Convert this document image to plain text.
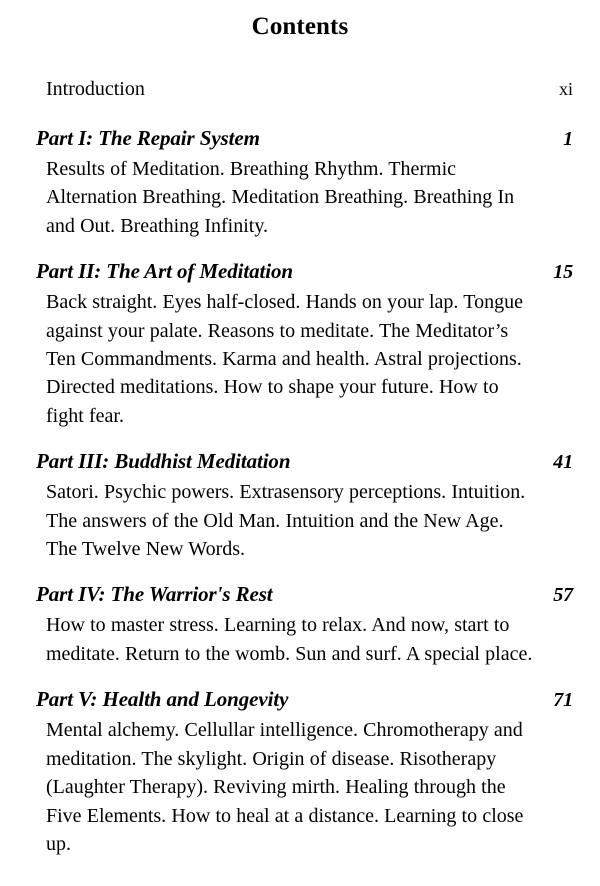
Contents
Introduction	xi
Part I: The Repair System	1

Results of Meditation. Breathing Rhythm. Thermic Alternation Breathing. Meditation Breathing. Breathing In and Out. Breathing Infinity.

Part II: The Art of Meditation	15

Back straight. Eyes half-closed. Hands on your lap. Tongue against your palate. Reasons to meditate. The Meditator’s Ten Commandments. Karma and health. Astral projections. Directed meditations. How to shape your future. How to fight fear.

Part III: Buddhist Meditation	41

Satori. Psychic powers. Extrasensory perceptions. Intuition. The answers of the Old Man. Intuition and the New Age. The Twelve New Words.

Part IV: The Warrior's Rest	57

How to master stress. Learning to relax. And now, start to meditate. Return to the womb. Sun and surf. A special place.

Part V: Health and Longevity	71

Mental alchemy. Cellullar intelligence. Chromotherapy and meditation. The skylight. Origin of disease. Risotherapy (Laughter Therapy). Reviving mirth. Healing through the Five Elements. How to heal at a distance. Learning to close up.
